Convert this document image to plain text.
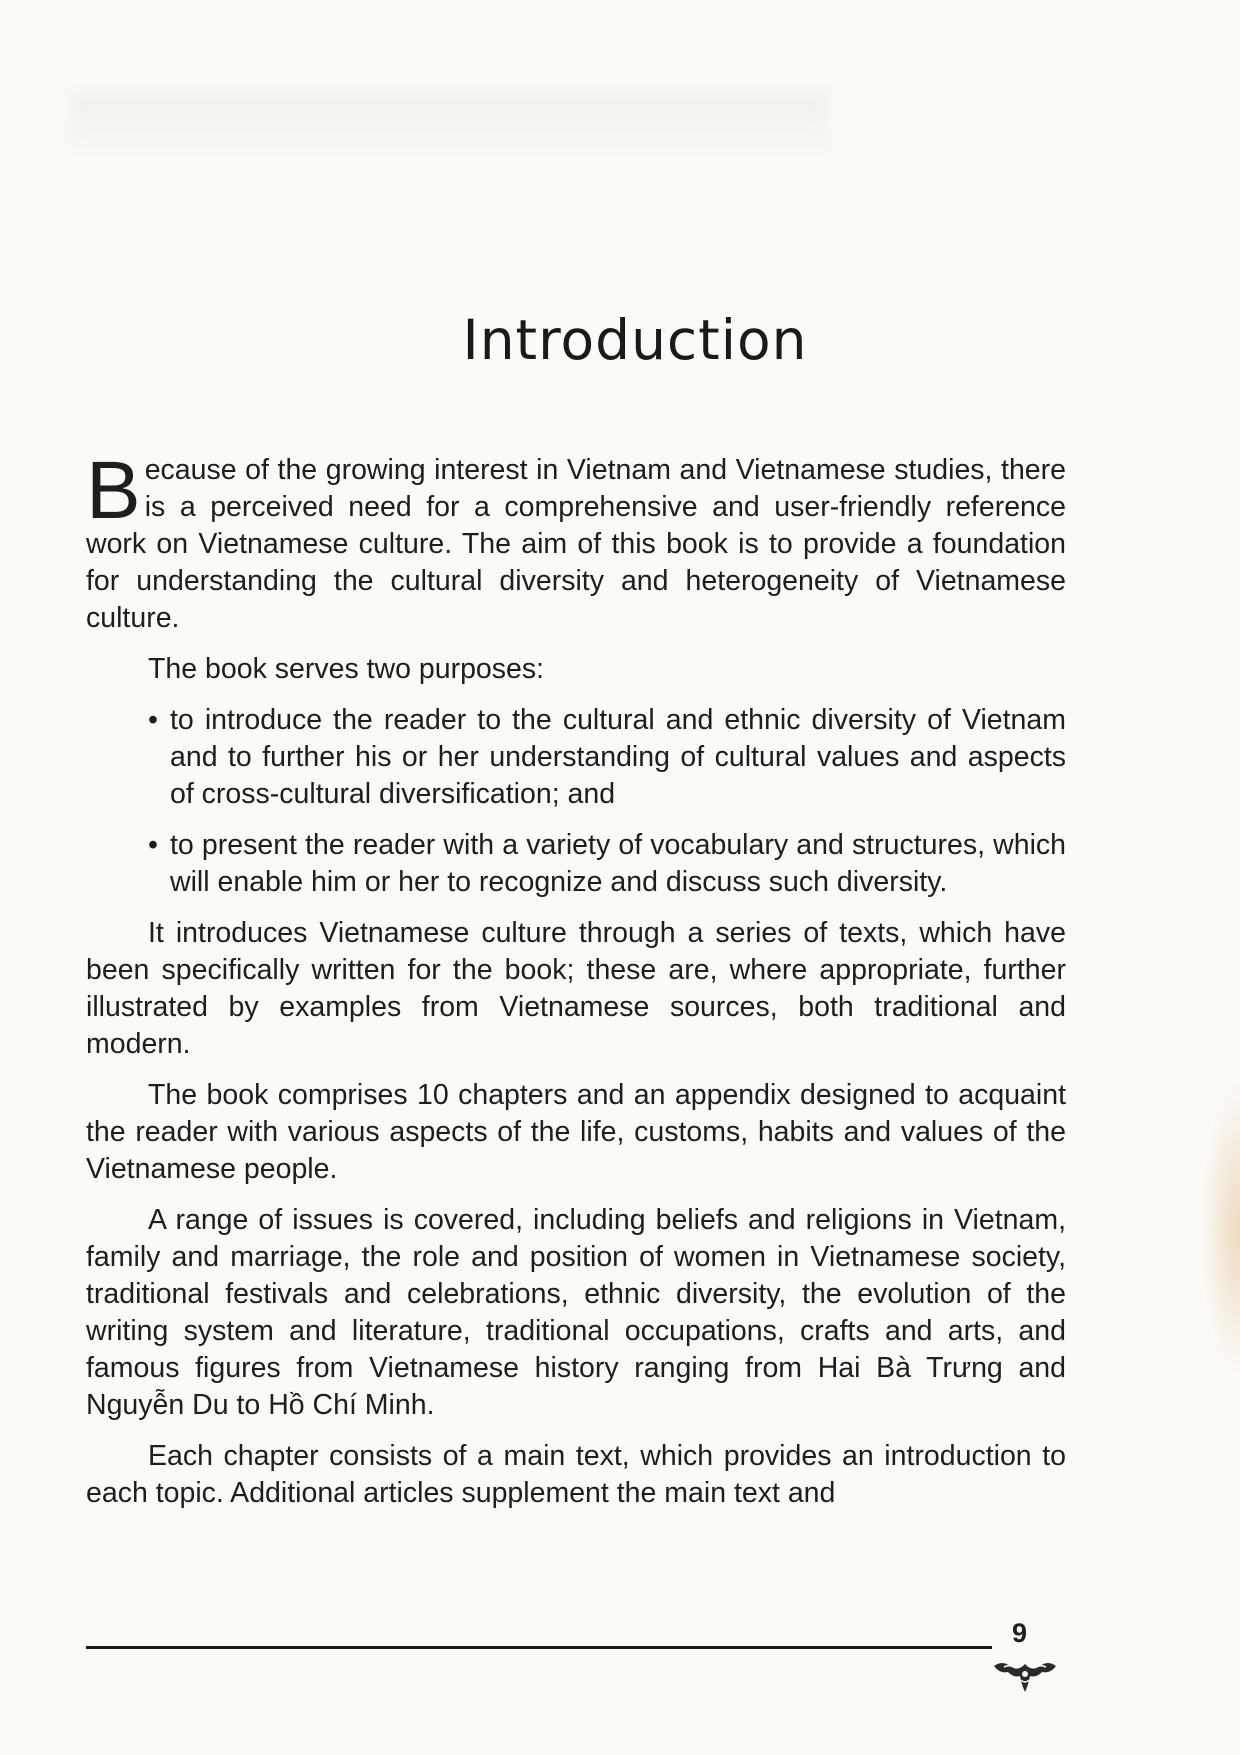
Introduction

Because of the growing interest in Vietnam and Vietnamese studies, there is a perceived need for a comprehensive and user-friendly reference work on Vietnamese culture. The aim of this book is to provide a foundation for understanding the cultural diversity and heterogeneity of Vietnamese culture.

The book serves two purposes:

• to introduce the reader to the cultural and ethnic diversity of Vietnam and to further his or her understanding of cultural values and aspects of cross-cultural diversification; and
• to present the reader with a variety of vocabulary and structures, which will enable him or her to recognize and discuss such diversity.

It introduces Vietnamese culture through a series of texts, which have been specifically written for the book; these are, where appropriate, further illustrated by examples from Vietnamese sources, both traditional and modern.

The book comprises 10 chapters and an appendix designed to acquaint the reader with various aspects of the life, customs, habits and values of the Vietnamese people.

A range of issues is covered, including beliefs and religions in Vietnam, family and marriage, the role and position of women in Vietnamese society, traditional festivals and celebrations, ethnic diversity, the evolution of the writing system and literature, traditional occupations, crafts and arts, and famous figures from Vietnamese history ranging from Hai Bà Trưng and Nguyễn Du to Hồ Chí Minh.

Each chapter consists of a main text, which provides an introduction to each topic. Additional articles supplement the main text and

9
